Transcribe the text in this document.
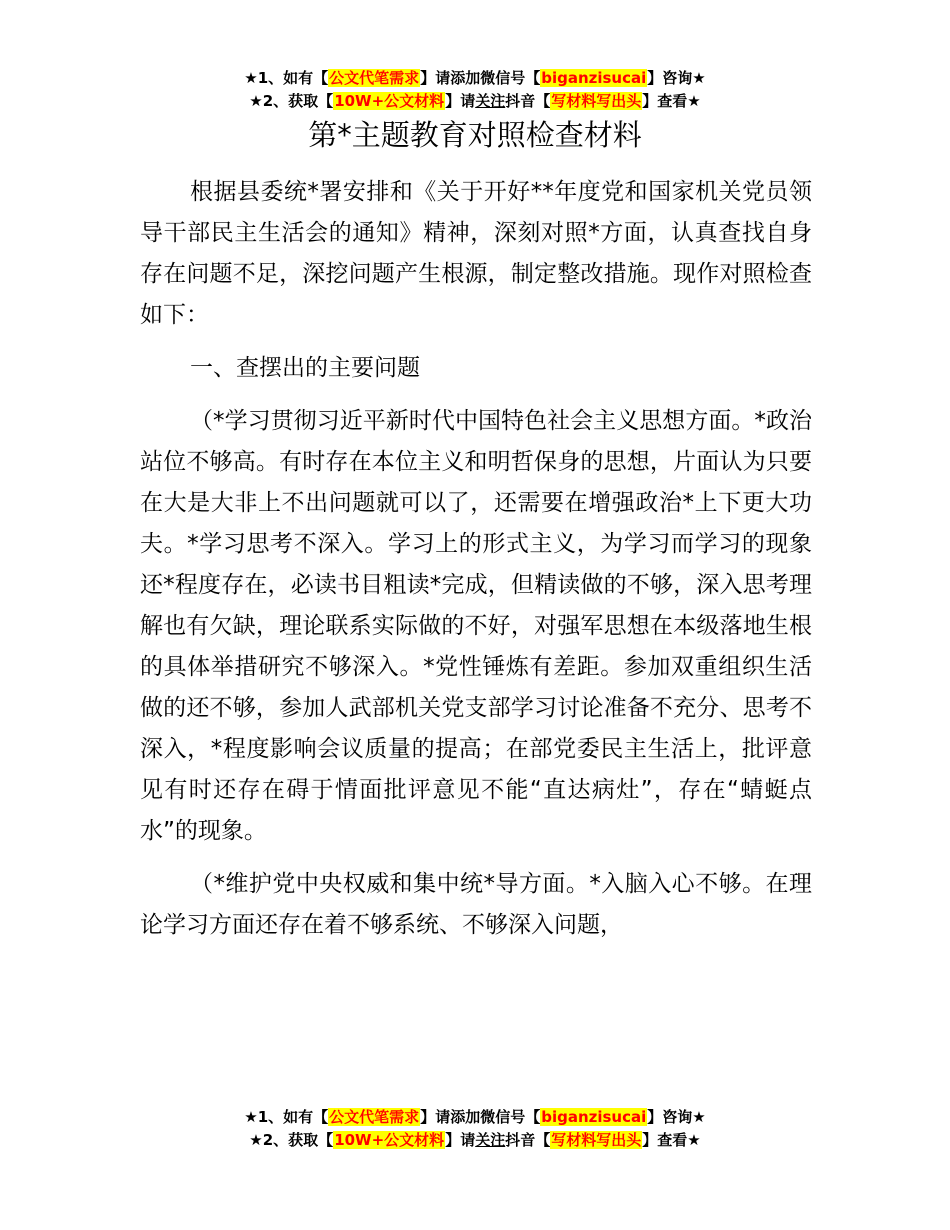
★1、如有【公文代笔需求】请添加微信号【biganzisucai】咨询★
★2、获取【10W+公文材料】请关注抖音【写材料写出头】查看★
第*主题教育对照检查材料

根据县委统*署安排和《关于开好**年度党和国家机关党员领导干部民主生活会的通知》精神，深刻对照*方面，认真查找自身存在问题不足，深挖问题产生根源，制定整改措施。现作对照检查如下：

一、查摆出的主要问题

（*学习贯彻习近平新时代中国特色社会主义思想方面。*政治站位不够高。有时存在本位主义和明哲保身的思想，片面认为只要在大是大非上不出问题就可以了，还需要在增强政治*上下更大功夫。*学习思考不深入。学习上的形式主义，为学习而学习的现象还*程度存在，必读书目粗读*完成，但精读做的不够，深入思考理解也有欠缺，理论联系实际做的不好，对强军思想在本级落地生根的具体举措研究不够深入。*党性锤炼有差距。参加双重组织生活做的还不够，参加人武部机关党支部学习讨论准备不充分、思考不深入，*程度影响会议质量的提高；在部党委民主生活上，批评意见有时还存在碍于情面批评意见不能“直达病灶”，存在“蜻蜓点水”的现象。

（*维护党中央权威和集中统*导方面。*入脑入心不够。在理论学习方面还存在着不够系统、不够深入问题，

★1、如有【公文代笔需求】请添加微信号【biganzisucai】咨询★
★2、获取【10W+公文材料】请关注抖音【写材料写出头】查看★
